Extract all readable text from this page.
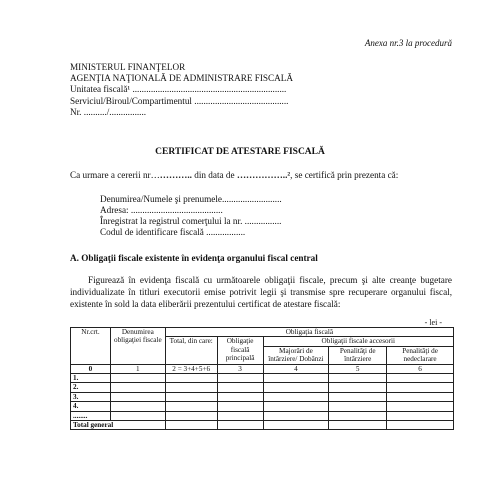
Anexa nr.3 la procedură
MINISTERUL FINANŢELOR
AGENŢIA NAŢIONALĂ DE ADMINISTRARE FISCALĂ
Unitatea fiscală¹ ...................................................................
Serviciul/Biroul/Compartimentul .........................................
Nr. ........../................
CERTIFICAT DE ATESTARE FISCALĂ
Ca urmare a cererii nr………….. din data de ……………..², se certifică prin prezenta că:
Denumirea/Numele şi prenumele..........................
Adresa: ........................................
Înregistrat la registrul comerţului la nr. ................
Codul de identificare fiscală .................
A. Obligaţii fiscale existente în evidenţa organului fiscal central
Figurează în evidenţa fiscală cu următoarele obligaţii fiscale, precum şi alte creanţe bugetare individualizate în titluri executorii emise potrivit legii şi transmise spre recuperare organului fiscal, existente în sold la data eliberării prezentului certificat de atestare fiscală:
- lei -
Nr.crt.	Denumirea obligaţiei fiscale	Obligaţia fiscală				
		Total, din care:	Obligaţie fiscală principală	Obligaţii fiscale accesorii		
				Majorări de întârziere/ Dobânzi	Penalităţi de întârziere	Penalităţi de nedeclarare
0	1	2 = 3+4+5+6	3	4	5	6
1.						
2.						
3.						
4.						
........						
Total general						
